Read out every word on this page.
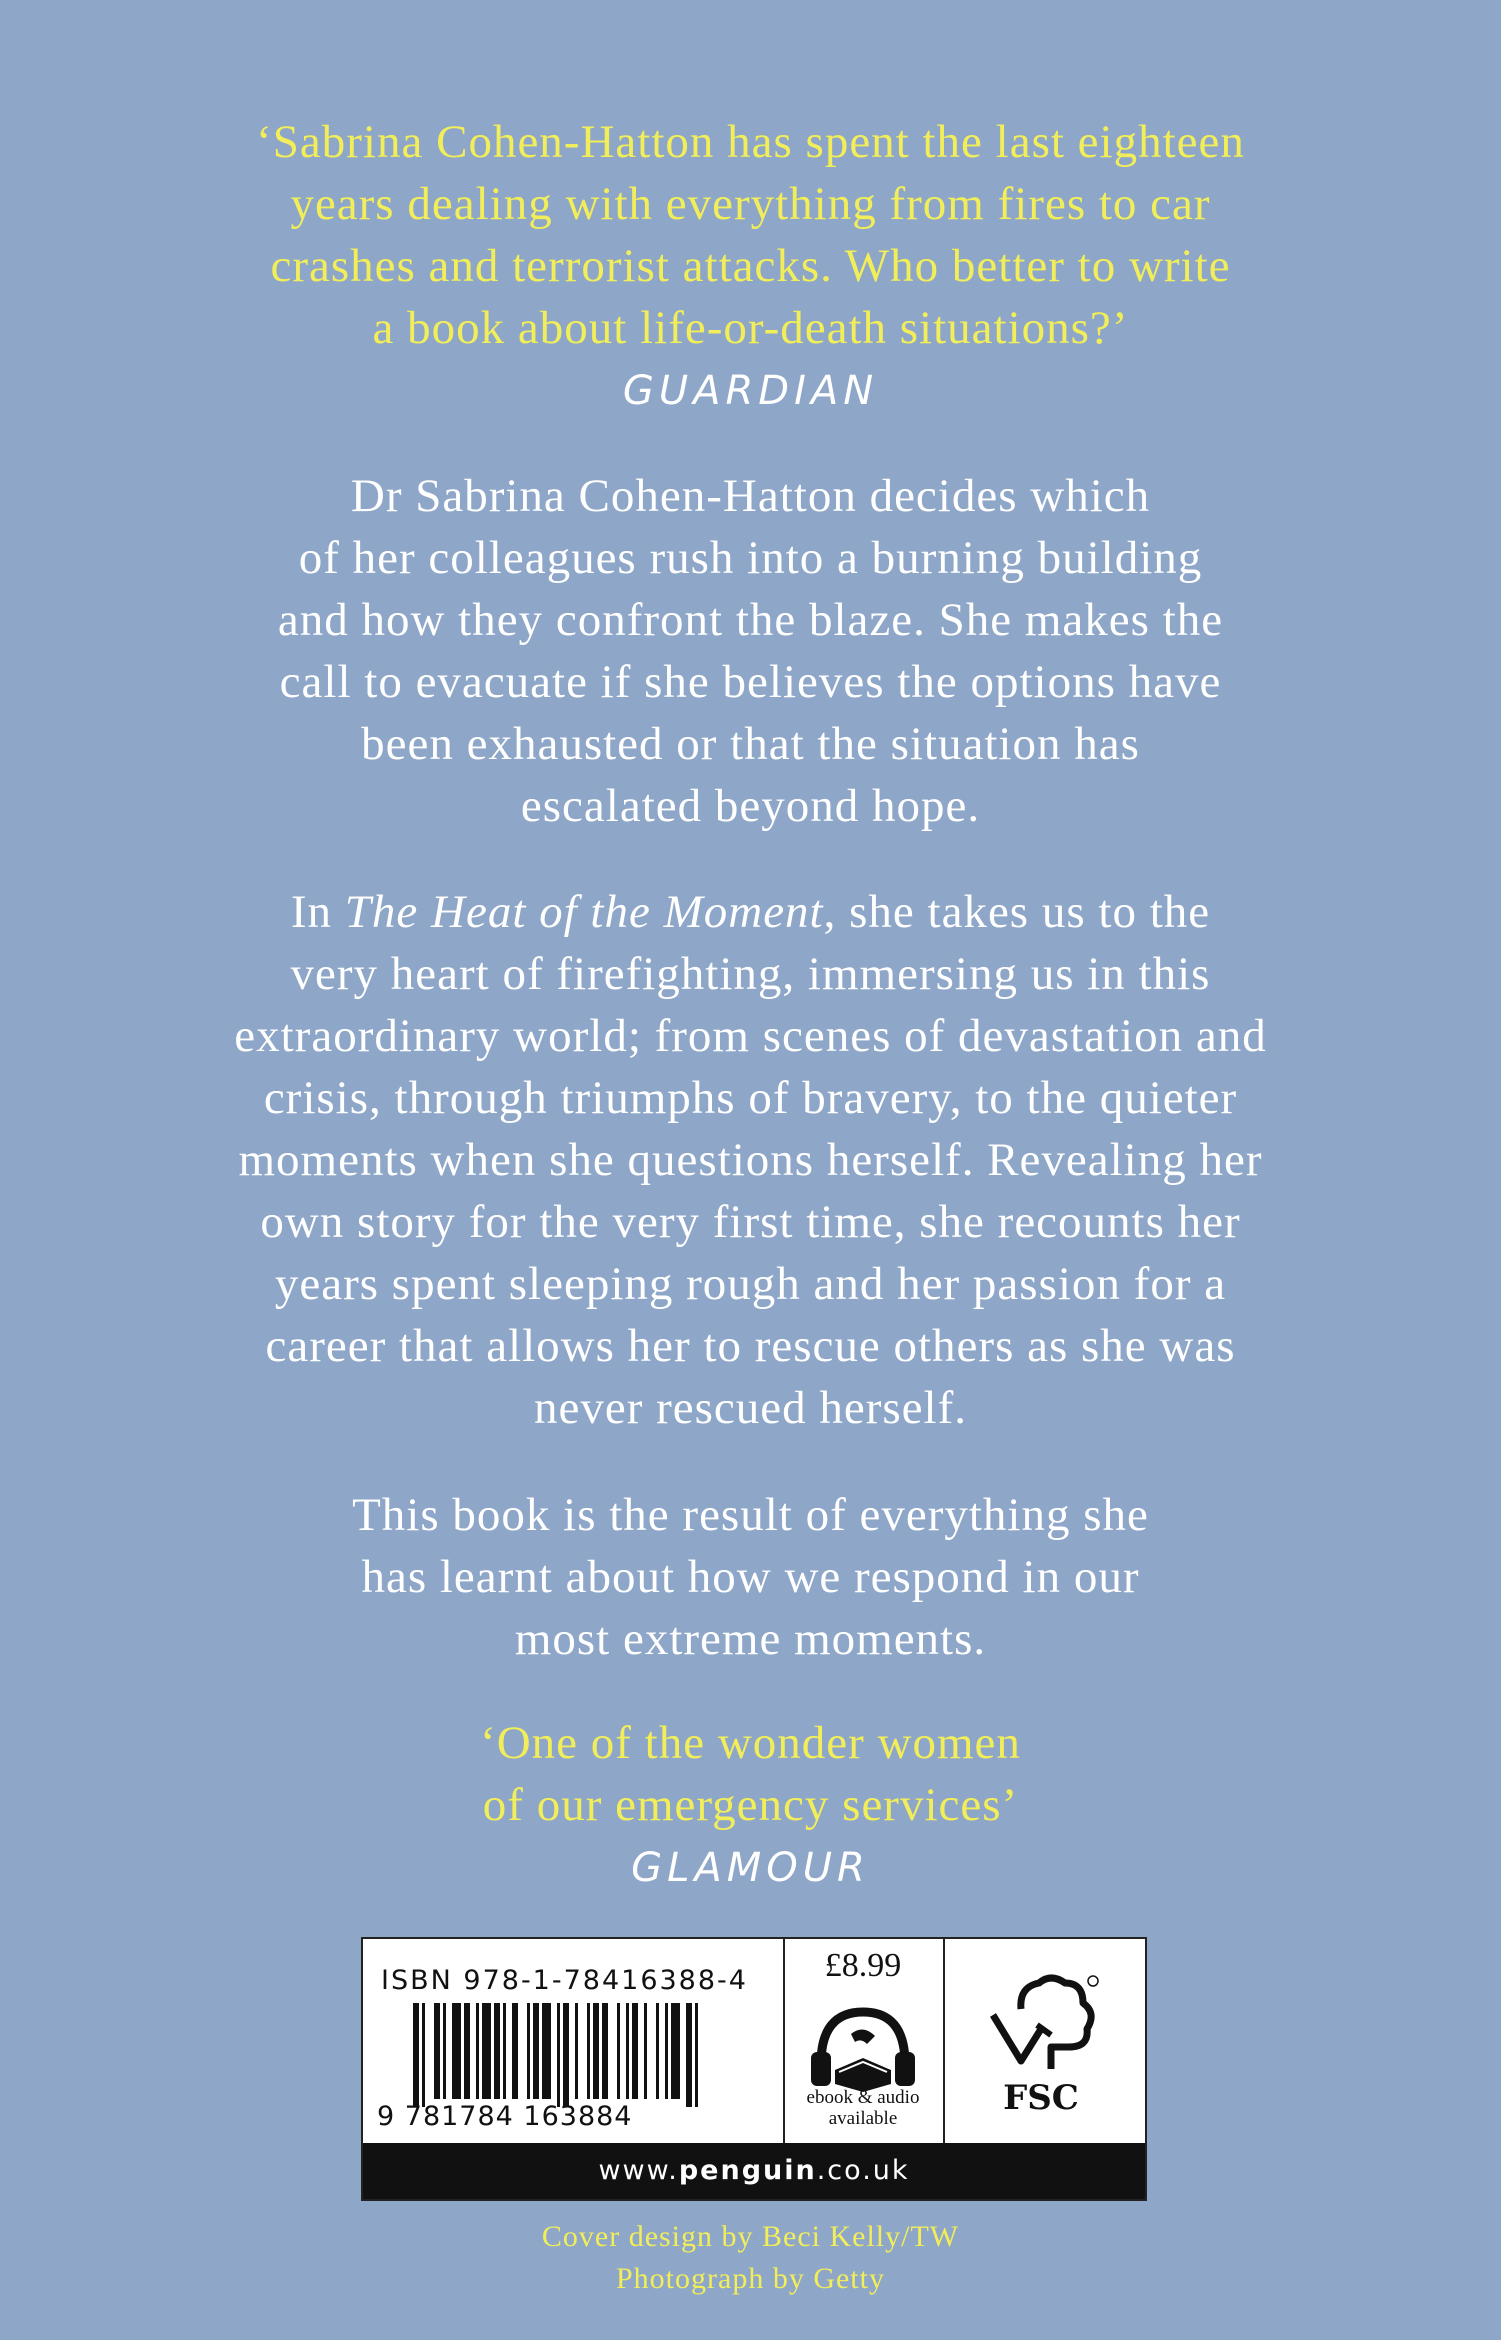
‘Sabrina Cohen-Hatton has spent the last eighteen
years dealing with everything from fires to car
crashes and terrorist attacks. Who better to write
a book about life-or-death situations?’
GUARDIAN
Dr Sabrina Cohen-Hatton decides which
of her colleagues rush into a burning building
and how they confront the blaze. She makes the
call to evacuate if she believes the options have
been exhausted or that the situation has
escalated beyond hope.
In The Heat of the Moment, she takes us to the
very heart of firefighting, immersing us in this
extraordinary world; from scenes of devastation and
crisis, through triumphs of bravery, to the quieter
moments when she questions herself. Revealing her
own story for the very first time, she recounts her
years spent sleeping rough and her passion for a
career that allows her to rescue others as she was
never rescued herself.
This book is the result of everything she
has learnt about how we respond in our
most extreme moments.
‘One of the wonder women
of our emergency services’
GLAMOUR
ISBN 978-1-78416388-4
9 781784 163884
£8.99
ebook & audio
available
FSC
www.penguin.co.uk
Cover design by Beci Kelly/TW
Photograph by Getty
